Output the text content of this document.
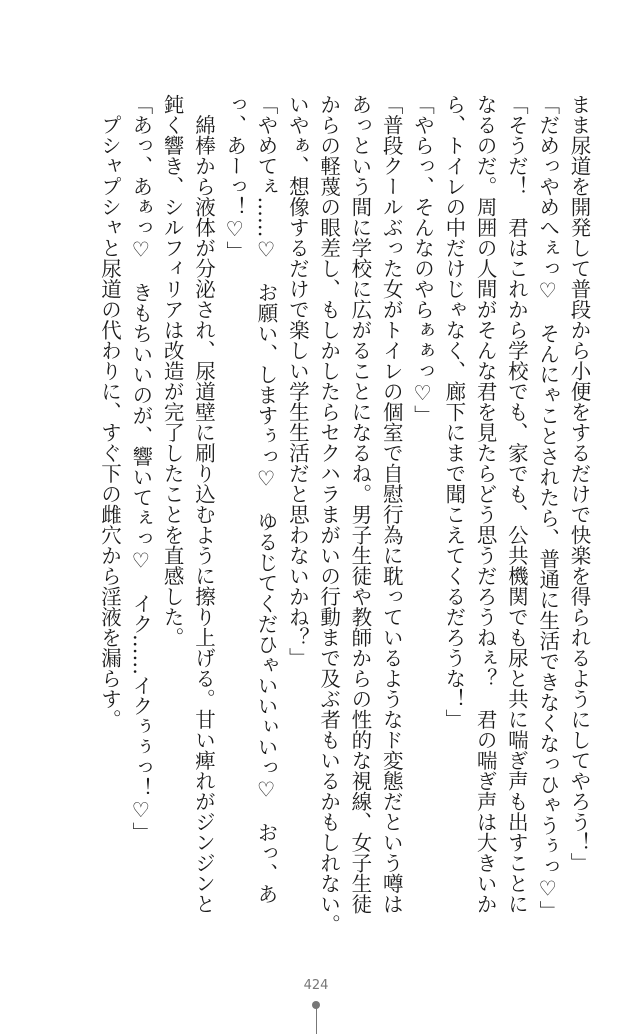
まま尿道を開発して普段から小便をするだけで快楽を得られるようにしてやろう！」
「だめっやめへぇっ♡　そんにゃことされたら、普通に生活できなくなっひゃうぅっ♡」
「そうだ！　君はこれから学校でも、家でも、公共機関でも尿と共に喘ぎ声も出すことに
なるのだ。周囲の人間がそんな君を見たらどう思うだろうねぇ？　君の喘ぎ声は大きいか
ら、トイレの中だけじゃなく、廊下にまで聞こえてくるだろうな！」
「やらっ、そんなのやらぁぁっ♡」
「普段クールぶった女がトイレの個室で自慰行為に耽っているようなド変態だという噂は
あっという間に学校に広がることになるね。男子生徒や教師からの性的な視線、女子生徒
からの軽蔑の眼差し、もしかしたらセクハラまがいの行動まで及ぶ者もいるかもしれない。
いやぁ、想像するだけで楽しい学生生活だと思わないかね？」
「やめてぇ……♡　お願い、しますぅっ♡　ゆるじてくだひゃいいぃいっ♡　おっ、あ
っ、あーっ！♡」
　綿棒から液体が分泌され、尿道壁に刷り込むように擦り上げる。甘い痺れがジンジンと
鈍く響き、シルフィリアは改造が完了したことを直感した。
「あっ、あぁっ♡　きもちいいのが、響いてぇっ♡　イク……イクぅぅっ！♡」
　プシャプシャと尿道の代わりに、すぐ下の雌穴から淫液を漏らす。
424
